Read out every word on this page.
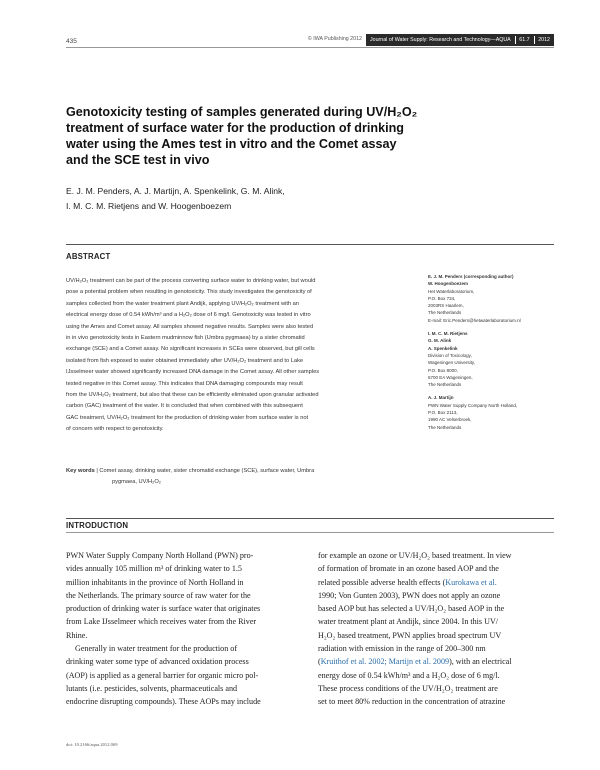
435	© IWA Publishing 2012	Journal of Water Supply: Research and Technology—AQUA 61.7 2012
Genotoxicity testing of samples generated during UV/H₂O₂
treatment of surface water for the production of drinking
water using the Ames test in vitro and the Comet assay
and the SCE test in vivo
E. J. M. Penders, A. J. Martijn, A. Spenkelink, G. M. Alink,
I. M. C. M. Rietjens and W. Hoogenboezem
ABSTRACT
UV/H₂O₂ treatment can be part of the process converting surface water to drinking water, but would
pose a potential problem when resulting in genotoxicity. This study investigates the genotoxicity of
samples collected from the water treatment plant Andijk, applying UV/H₂O₂ treatment with an
electrical energy dose of 0.54 kWh/m³ and a H₂O₂ dose of 6 mg/l. Genotoxicity was tested in vitro
using the Ames and Comet assay. All samples showed negative results. Samples were also tested
in in vivo genotoxicity tests in Eastern mudminnow fish (Umbra pygmaea) by a sister chromatid
exchange (SCE) and a Comet assay. No significant increases in SCEs were observed, but gill cells
isolated from fish exposed to water obtained immediately after UV/H₂O₂ treatment and to Lake
IJsselmeer water showed significantly increased DNA damage in the Comet assay. All other samples
tested negative in this Comet assay. This indicates that DNA damaging compounds may result
from the UV/H₂O₂ treatment, but also that these can be efficiently eliminated upon granular activated
carbon (GAC) treatment of the water. It is concluded that when combined with this subsequent
GAC treatment, UV/H₂O₂ treatment for the production of drinking water from surface water is not
of concern with respect to genotoxicity.
Key words | Comet assay, drinking water, sister chromatid exchange (SCE), surface water, Umbra
pygmaea, UV/H₂O₂
E. J. M. Penders (corresponding author)
W. Hoogenboezem
Het Waterlaboratorium,
P.O. Box 734,
2003RS Haarlem,
The Netherlands
E-mail: Eric.Penders@hetwaterlaboratorium.nl
I. M. C. M. Rietjens
G. M. Alink
A. Spenkelink
Division of Toxicology,
Wageningen University,
P.O. Box 8000,
6700 EA Wageningen,
The Netherlands
A. J. Martijn
PWN Water Supply Company North Holland,
P.O. Box 2113,
1990 AC Velserbroek,
The Netherlands
INTRODUCTION
PWN Water Supply Company North Holland (PWN) pro-
vides annually 105 million m³ of drinking water to 1.5
million inhabitants in the province of North Holland in
the Netherlands. The primary source of raw water for the
production of drinking water is surface water that originates
from Lake IJsselmeer which receives water from the River
Rhine.
Generally in water treatment for the production of
drinking water some type of advanced oxidation process
(AOP) is applied as a general barrier for organic micro pol-
lutants (i.e. pesticides, solvents, pharmaceuticals and
endocrine disrupting compounds). These AOPs may include
for example an ozone or UV/H₂O₂ based treatment. In view
of formation of bromate in an ozone based AOP and the
related possible adverse health effects (Kurokawa et al.
1990; Von Gunten 2003), PWN does not apply an ozone
based AOP but has selected a UV/H₂O₂ based AOP in the
water treatment plant at Andijk, since 2004. In this UV/
H₂O₂ based treatment, PWN applies broad spectrum UV
radiation with emission in the range of 200–300 nm
(Kruithof et al. 2002; Martijn et al. 2009), with an electrical
energy dose of 0.54 kWh/m³ and a H₂O₂ dose of 6 mg/l.
These process conditions of the UV/H₂O₂ treatment are
set to meet 80% reduction in the concentration of atrazine
doi: 10.2166/aqua.2012.069
